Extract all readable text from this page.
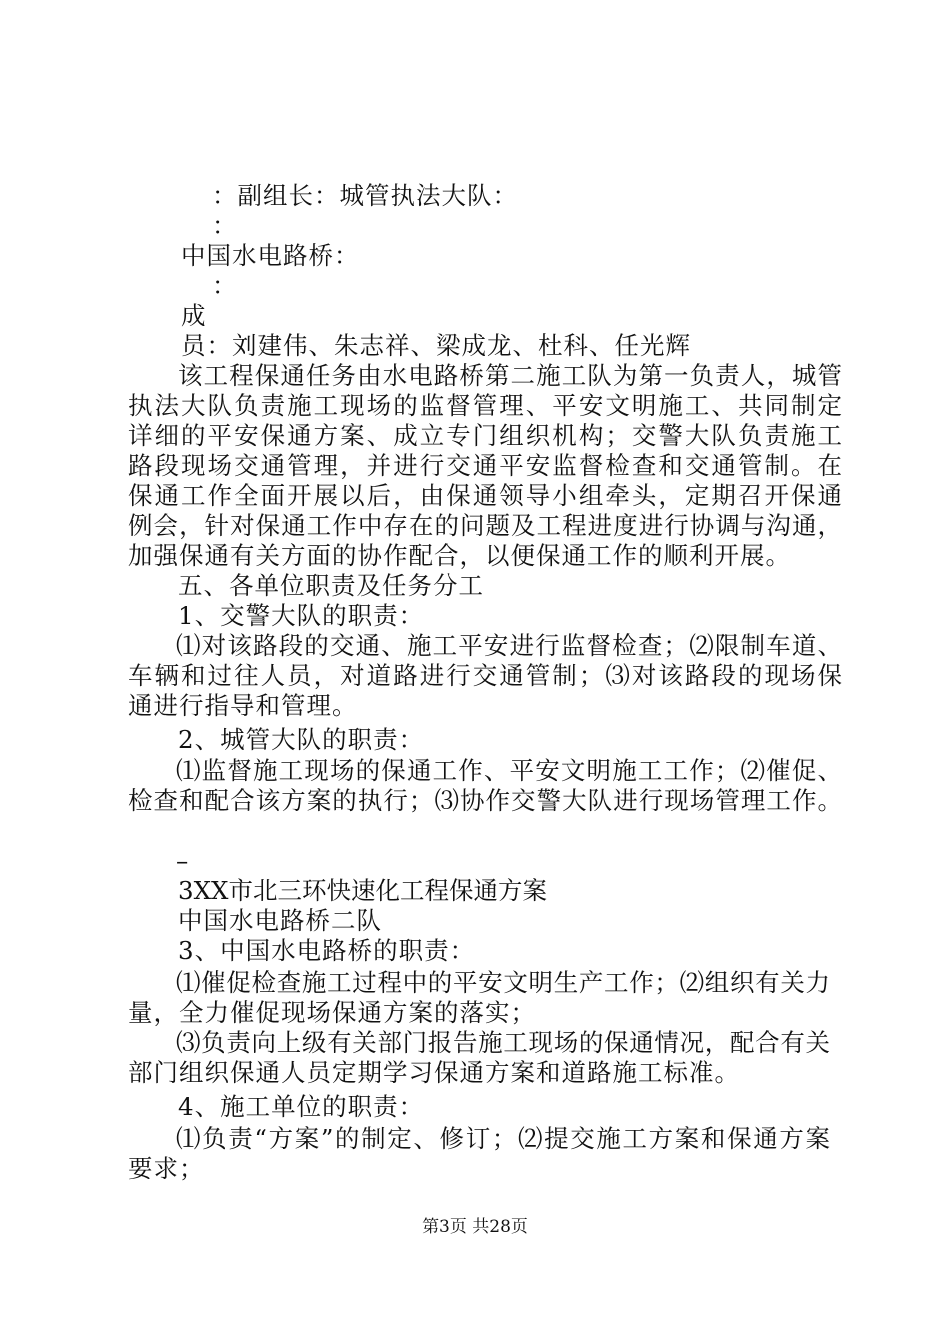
：副组长：城管执法大队：
：
中国水电路桥：
：
成
员：刘建伟、朱志祥、梁成龙、杜科、任光辉
该工程保通任务由水电路桥第二施工队为第一负责人，城管
执法大队负责施工现场的监督管理、平安文明施工、共同制定
详细的平安保通方案、成立专门组织机构；交警大队负责施工
路段现场交通管理，并进行交通平安监督检查和交通管制。在
保通工作全面开展以后，由保通领导小组牵头，定期召开保通
例会，针对保通工作中存在的问题及工程进度进行协调与沟通，
加强保通有关方面的协作配合，以便保通工作的顺利开展。
五、各单位职责及任务分工
1、交警大队的职责：
⑴对该路段的交通、施工平安进行监督检查；⑵限制车道、
车辆和过往人员，对道路进行交通管制；⑶对该路段的现场保
通进行指导和管理。
2、城管大队的职责：
⑴监督施工现场的保通工作、平安文明施工工作；⑵催促、
检查和配合该方案的执行；⑶协作交警大队进行现场管理工作。
–
3XX市北三环快速化工程保通方案
中国水电路桥二队
3、中国水电路桥的职责：
⑴催促检查施工过程中的平安文明生产工作；⑵组织有关力
量，全力催促现场保通方案的落实；
⑶负责向上级有关部门报告施工现场的保通情况，配合有关
部门组织保通人员定期学习保通方案和道路施工标准。
4、施工单位的职责：
⑴负责“方案”的制定、修订；⑵提交施工方案和保通方案
要求；
第3页 共28页
